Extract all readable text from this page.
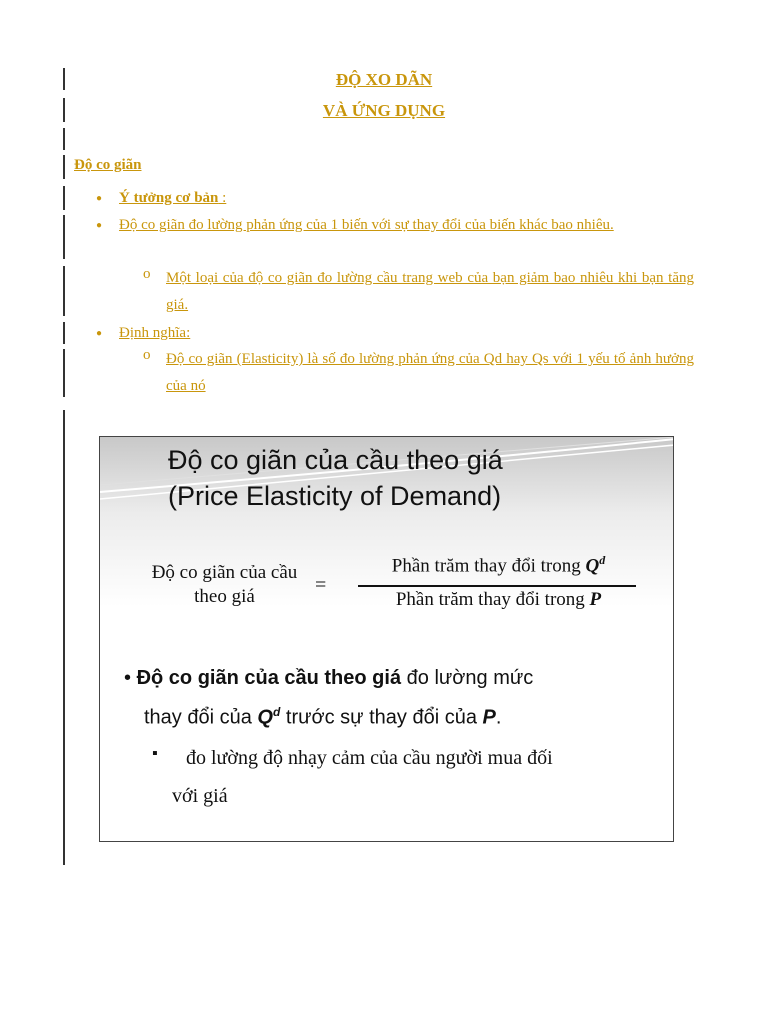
ĐỘ XO DÃN
VÀ ỨNG DỤNG
Độ co giãn
● Ý tưởng cơ bản :
● Độ co giãn đo lường phản ứng của 1 biến với sự thay đổi của biến khác bao nhiêu.
o Một loại của độ co giãn đo lường cầu trang web của bạn giảm bao nhiêu khi bạn tăng giá.
● Định nghĩa:
o Độ co giãn (Elasticity) là số đo lường phản ứng của Qd hay Qs với 1 yếu tố ảnh hưởng của nó
Độ co giãn của cầu theo giá
(Price Elasticity of Demand)
Độ co giãn của cầu
theo giá
=
Phần trăm thay đổi trong $Q^d$
Phần trăm thay đổi trong P
• Độ co giãn của cầu theo giá đo lường mức
thay đổi của $Q^d$ trước sự thay đổi của P.
▪ đo lường độ nhạy cảm của cầu người mua đối
với giá
